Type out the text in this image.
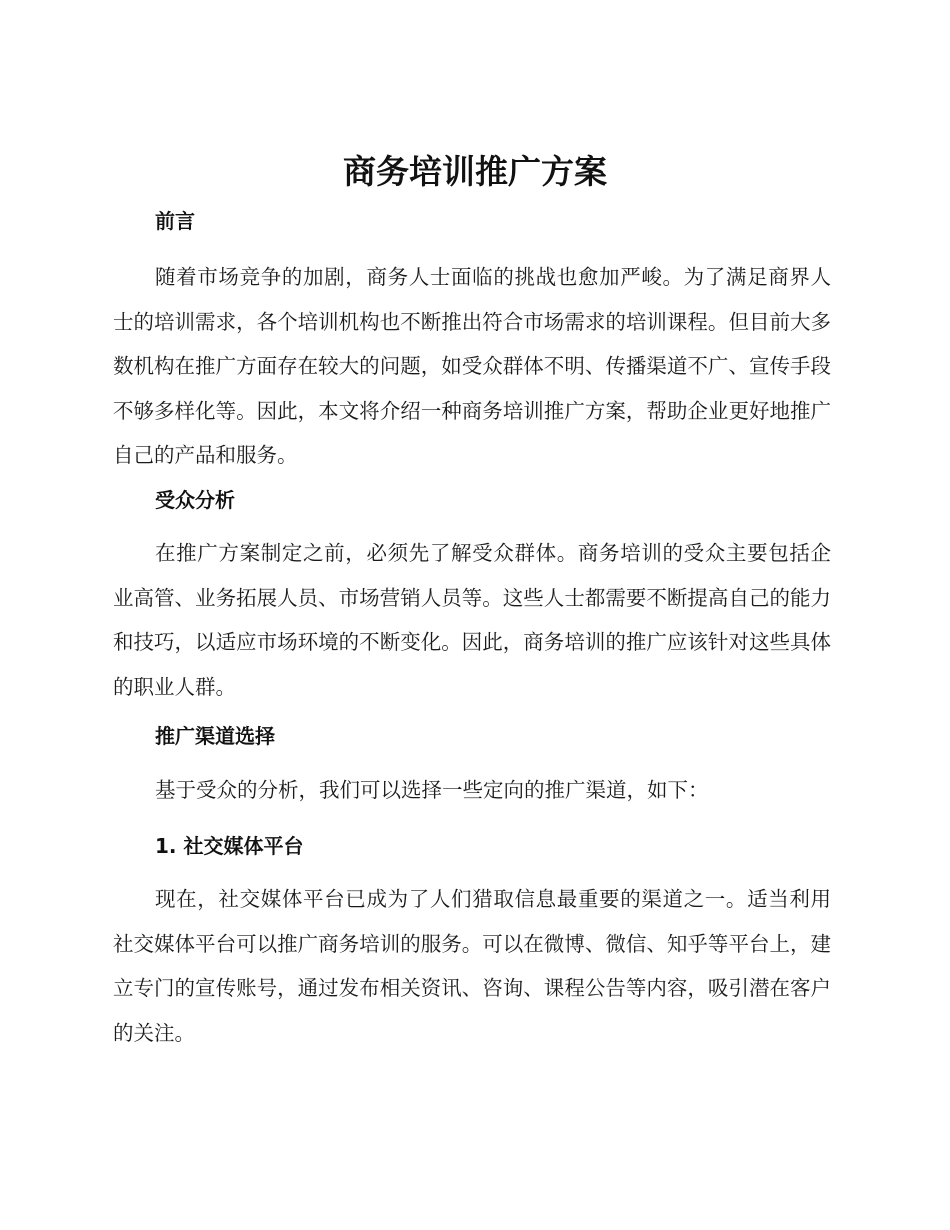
商务培训推广方案
前言

随着市场竞争的加剧，商务人士面临的挑战也愈加严峻。为了满足商界人士的培训需求，各个培训机构也不断推出符合市场需求的培训课程。但目前大多数机构在推广方面存在较大的问题，如受众群体不明、传播渠道不广、宣传手段不够多样化等。因此，本文将介绍一种商务培训推广方案，帮助企业更好地推广自己的产品和服务。

受众分析

在推广方案制定之前，必须先了解受众群体。商务培训的受众主要包括企业高管、业务拓展人员、市场营销人员等。这些人士都需要不断提高自己的能力和技巧，以适应市场环境的不断变化。因此，商务培训的推广应该针对这些具体的职业人群。

推广渠道选择

基于受众的分析，我们可以选择一些定向的推广渠道，如下：

1. 社交媒体平台

现在，社交媒体平台已成为了人们猎取信息最重要的渠道之一。适当利用社交媒体平台可以推广商务培训的服务。可以在微博、微信、知乎等平台上，建立专门的宣传账号，通过发布相关资讯、咨询、课程公告等内容，吸引潜在客户的关注。
